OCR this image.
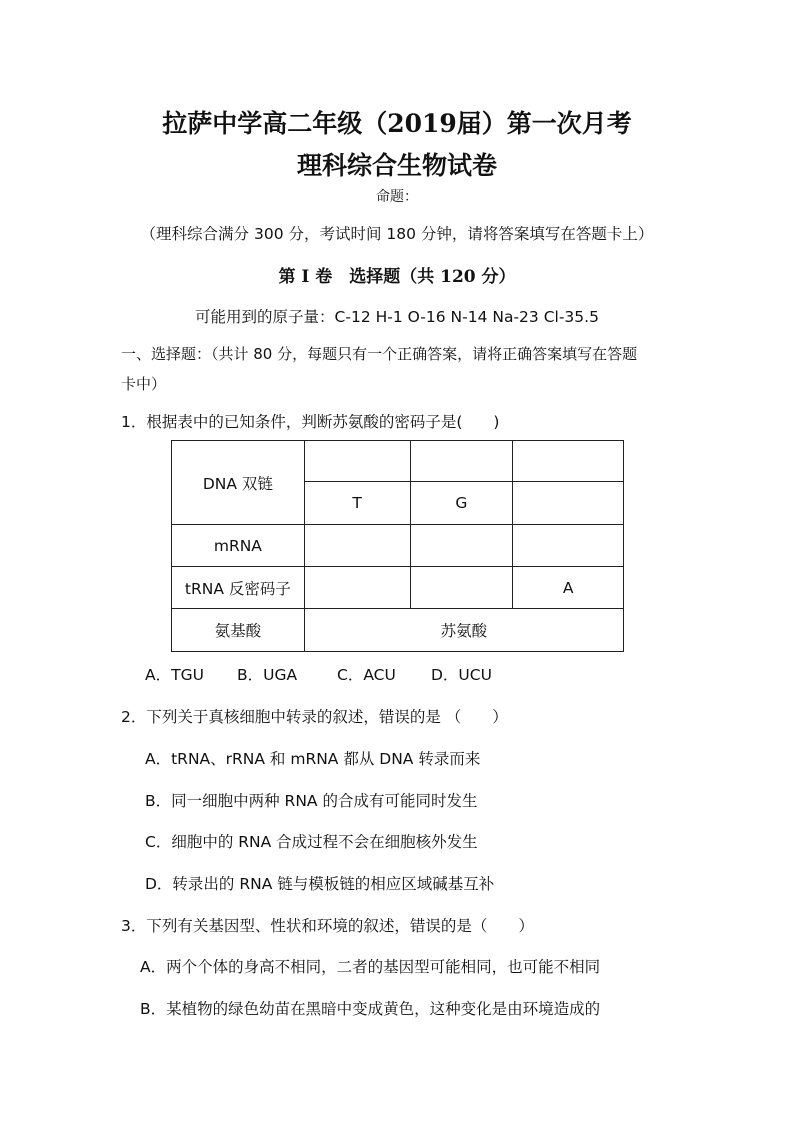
拉萨中学高二年级（2019届）第一次月考
理科综合生物试卷
命题：
（理科综合满分 300 分，考试时间 180 分钟，请将答案填写在答题卡上）
第 I 卷　选择题（共 120 分）
可能用到的原子量：C-12 H-1 O-16 N-14 Na-23 Cl-35.5
一、选择题：（共计 80 分，每题只有一个正确答案，请将正确答案填写在答题
卡中）
1．根据表中的已知条件，判断苏氨酸的密码子是(　　)
DNA 双链			
	T	G	
mRNA			
tRNA 反密码子			A
氨基酸	苏氨酸		
A．TGU B．UGA	C．ACU D．UCU
2．下列关于真核细胞中转录的叙述，错误的是 （　　）
A．tRNA、rRNA 和 mRNA 都从 DNA 转录而来
B．同一细胞中两种 RNA 的合成有可能同时发生
C．细胞中的 RNA 合成过程不会在细胞核外发生
D．转录出的 RNA 链与模板链的相应区域碱基互补
3．下列有关基因型、性状和环境的叙述，错误的是（　　）
A．两个个体的身高不相同，二者的基因型可能相同，也可能不相同
B．某植物的绿色幼苗在黑暗中变成黄色，这种变化是由环境造成的
